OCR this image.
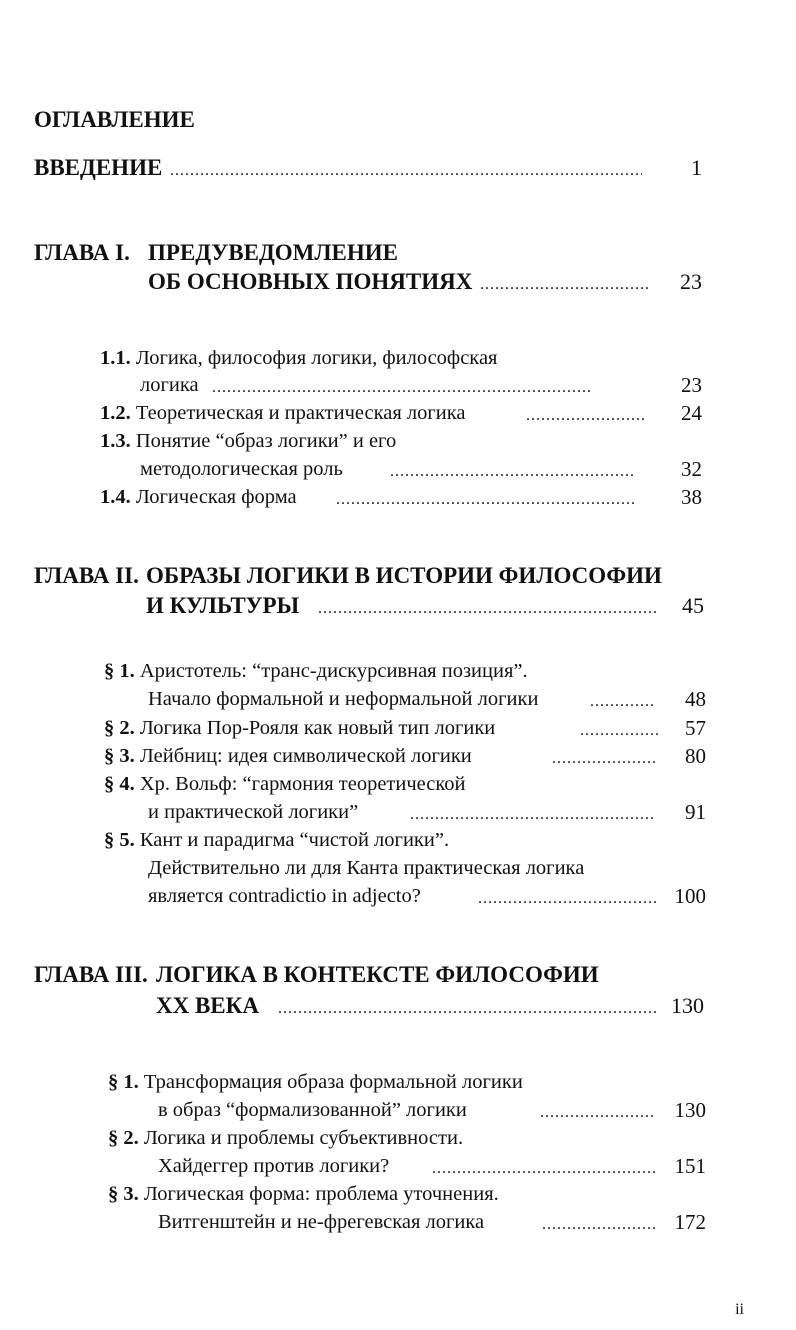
ОГЛАВЛЕНИЕ
ВВЕДЕНИЕ .....	1
ГЛАВА I. ПРЕДУВЕДОМЛЕНИЕ
ОБ ОСНОВНЫХ ПОНЯТИЯХ .....	23
1.1. Логика, философия логики, философская
логика .....	23
1.2. Теоретическая и практическая логика .....	24
1.3. Понятие “образ логики” и его
методологическая роль .....	32
1.4. Логическая форма .....	38
ГЛАВА II. ОБРАЗЫ ЛОГИКИ В ИСТОРИИ ФИЛОСОФИИ
И КУЛЬТУРЫ .....	45
§ 1. Аристотель: “транс-дискурсивная позиция”.
Начало формальной и неформальной логики .....	48
§ 2. Логика Пор-Рояля как новый тип логики .....	57
§ 3. Лейбниц: идея символической логики .....	80
§ 4. Хр. Вольф: “гармония теоретической
и практической логики” .....	91
§ 5. Кант и парадигма “чистой логики”.
Действительно ли для Канта практическая логика
является contradictio in adjecto? .....	100
ГЛАВА III. ЛОГИКА В КОНТЕКСТЕ ФИЛОСОФИИ
XX ВЕКА .....	130
§ 1. Трансформация образа формальной логики
в образ “формализованной” логики .....	130
§ 2. Логика и проблемы субъективности.
Хайдеггер против логики? .....	151
§ 3. Логическая форма: проблема уточнения.
Витгенштейн и не-фрегевская логика .....	172
ii
